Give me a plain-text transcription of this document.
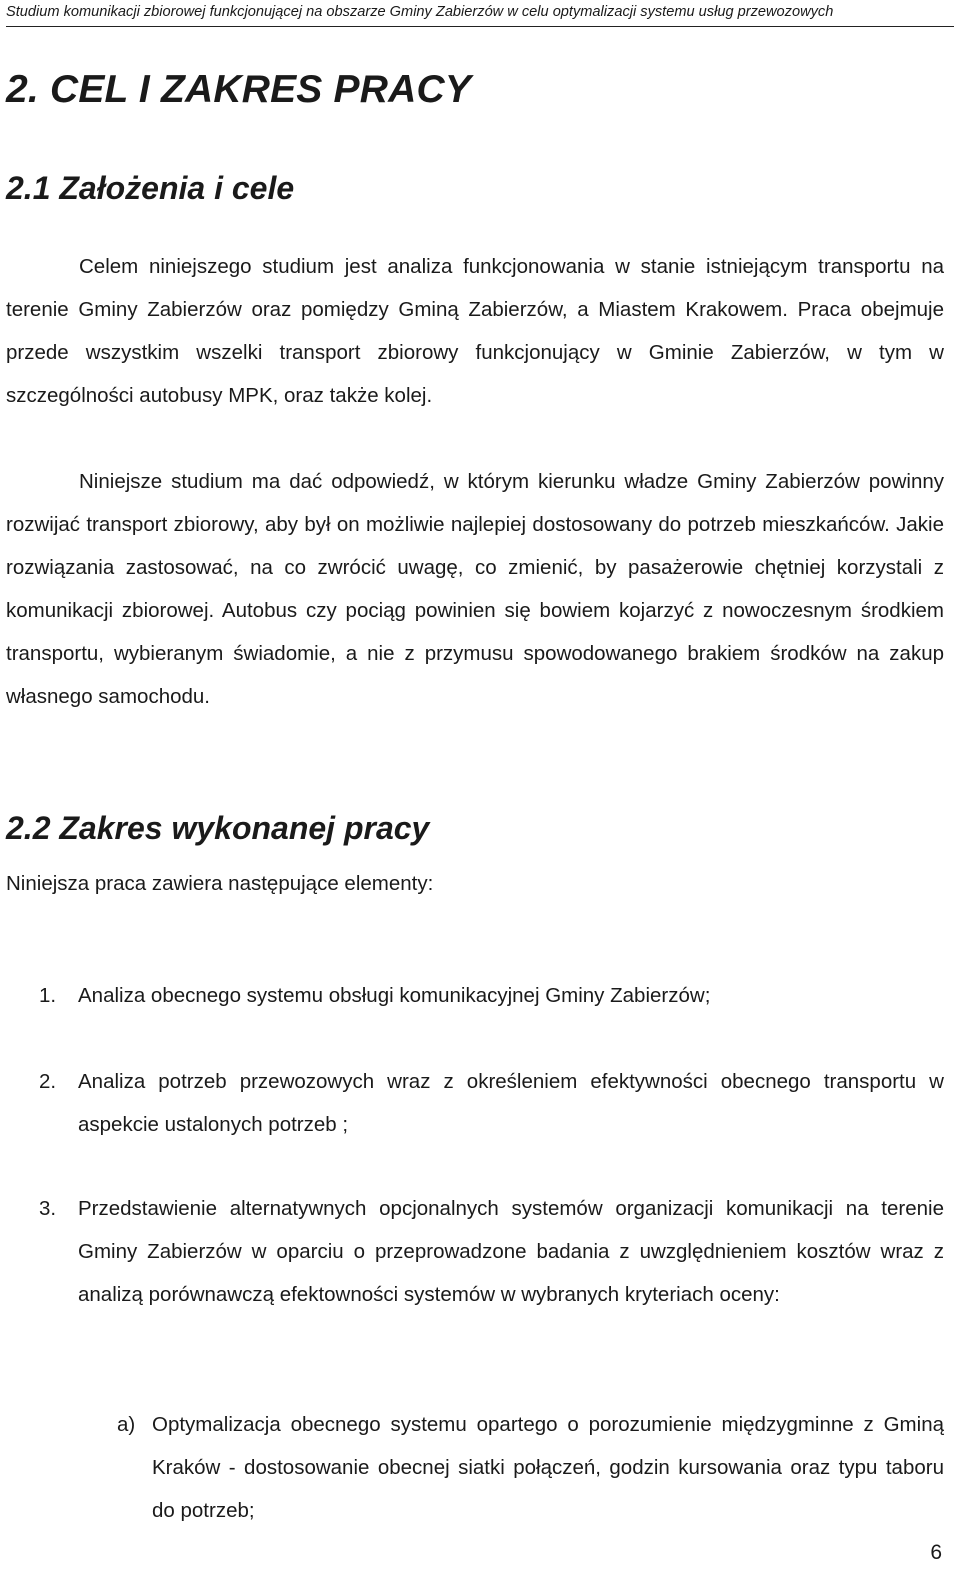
Studium komunikacji zbiorowej funkcjonującej na obszarze Gminy Zabierzów w celu optymalizacji systemu usług przewozowych
2. CEL I ZAKRES PRACY
2.1 Założenia i cele

Celem niniejszego studium jest analiza funkcjonowania w stanie istniejącym transportu na terenie Gminy Zabierzów oraz pomiędzy Gminą Zabierzów, a Miastem Krakowem. Praca obejmuje przede wszystkim wszelki transport zbiorowy funkcjonujący w Gminie Zabierzów, w tym w szczególności autobusy MPK, oraz także kolej.

Niniejsze studium ma dać odpowiedź, w którym kierunku władze Gminy Zabierzów powinny rozwijać transport zbiorowy, aby był on możliwie najlepiej dostosowany do potrzeb mieszkańców. Jakie rozwiązania zastosować, na co zwrócić uwagę, co zmienić, by pasażerowie chętniej korzystali z komunikacji zbiorowej. Autobus czy pociąg powinien się bowiem kojarzyć z nowoczesnym środkiem transportu, wybieranym świadomie, a nie z przymusu spowodowanego brakiem środków na zakup własnego samochodu.

2.2 Zakres wykonanej pracy

Niniejsza praca zawiera następujące elementy:

1. Analiza obecnego systemu obsługi komunikacyjnej Gminy Zabierzów;
2. Analiza potrzeb przewozowych wraz z określeniem efektywności obecnego transportu w aspekcie ustalonych potrzeb ;
3. Przedstawienie alternatywnych opcjonalnych systemów organizacji komunikacji na terenie Gminy Zabierzów w oparciu o przeprowadzone badania z uwzględnieniem kosztów wraz z analizą porównawczą efektowności systemów w wybranych kryteriach oceny:
a) Optymalizacja obecnego systemu opartego o porozumienie międzygminne z Gminą Kraków - dostosowanie obecnej siatki połączeń, godzin kursowania oraz typu taboru do potrzeb;
6
